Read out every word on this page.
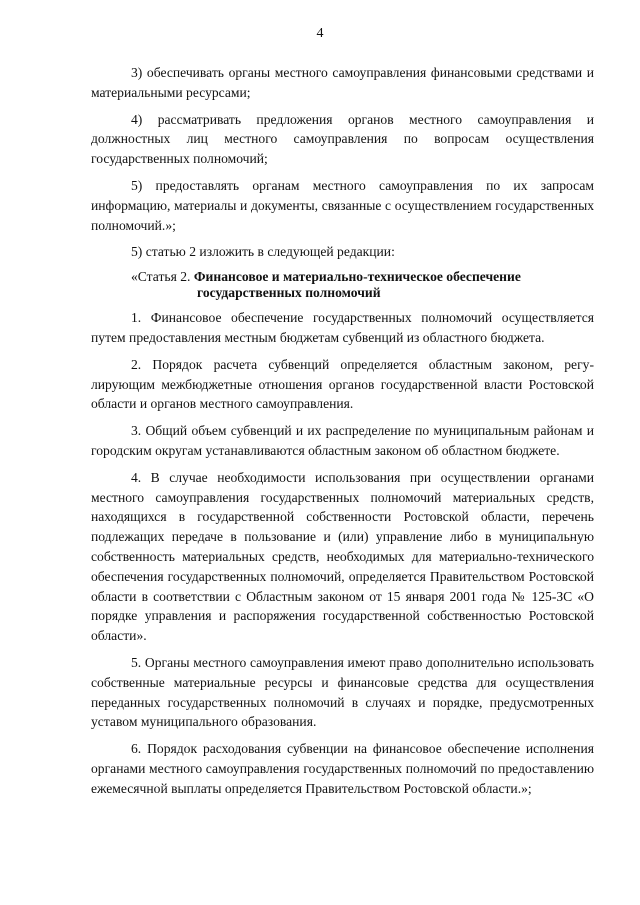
4

3) обеспечивать органы местного самоуправления финансовыми средствами и материальными ресурсами;

4) рассматривать предложения органов местного самоуправления и должностных лиц местного самоуправления по вопросам осуществления государственных полномочий;

5) предоставлять органам местного самоуправления по их запросам информацию, материалы и документы, связанные с осуществлением государственных полномочий.»;

5) статью 2 изложить в следующей редакции:

«Статья 2. Финансовое и материально-техническое обеспечение
государственных полномочий

1. Финансовое обеспечение государственных полномочий осуществляется путем предоставления местным бюджетам субвенций из областного бюджета.

2. Порядок расчета субвенций определяется областным законом, регулирующим межбюджетные отношения органов государственной власти Ростовской области и органов местного самоуправления.

3. Общий объем субвенций и их распределение по муниципальным районам и городским округам устанавливаются областным законом об областном бюджете.

4. В случае необходимости использования при осуществлении органами местного самоуправления государственных полномочий материальных средств, находящихся в государственной собственности Ростовской области, перечень подлежащих передаче в пользование и (или) управление либо в муниципальную собственность материальных средств, необходимых для материально-технического обеспечения государственных полномочий, определяется Правительством Ростовской области в соответствии с Областным законом от 15 января 2001 года № 125-ЗС «О порядке управления и распоряжения государственной собственностью Ростовской области».

5. Органы местного самоуправления имеют право дополнительно использовать собственные материальные ресурсы и финансовые средства для осуществления переданных государственных полномочий в случаях и порядке, предусмотренных уставом муниципального образования.

6. Порядок расходования субвенции на финансовое обеспечение исполнения органами местного самоуправления государственных полномочий по предоставлению ежемесячной выплаты определяется Правительством Ростовской области.»;
